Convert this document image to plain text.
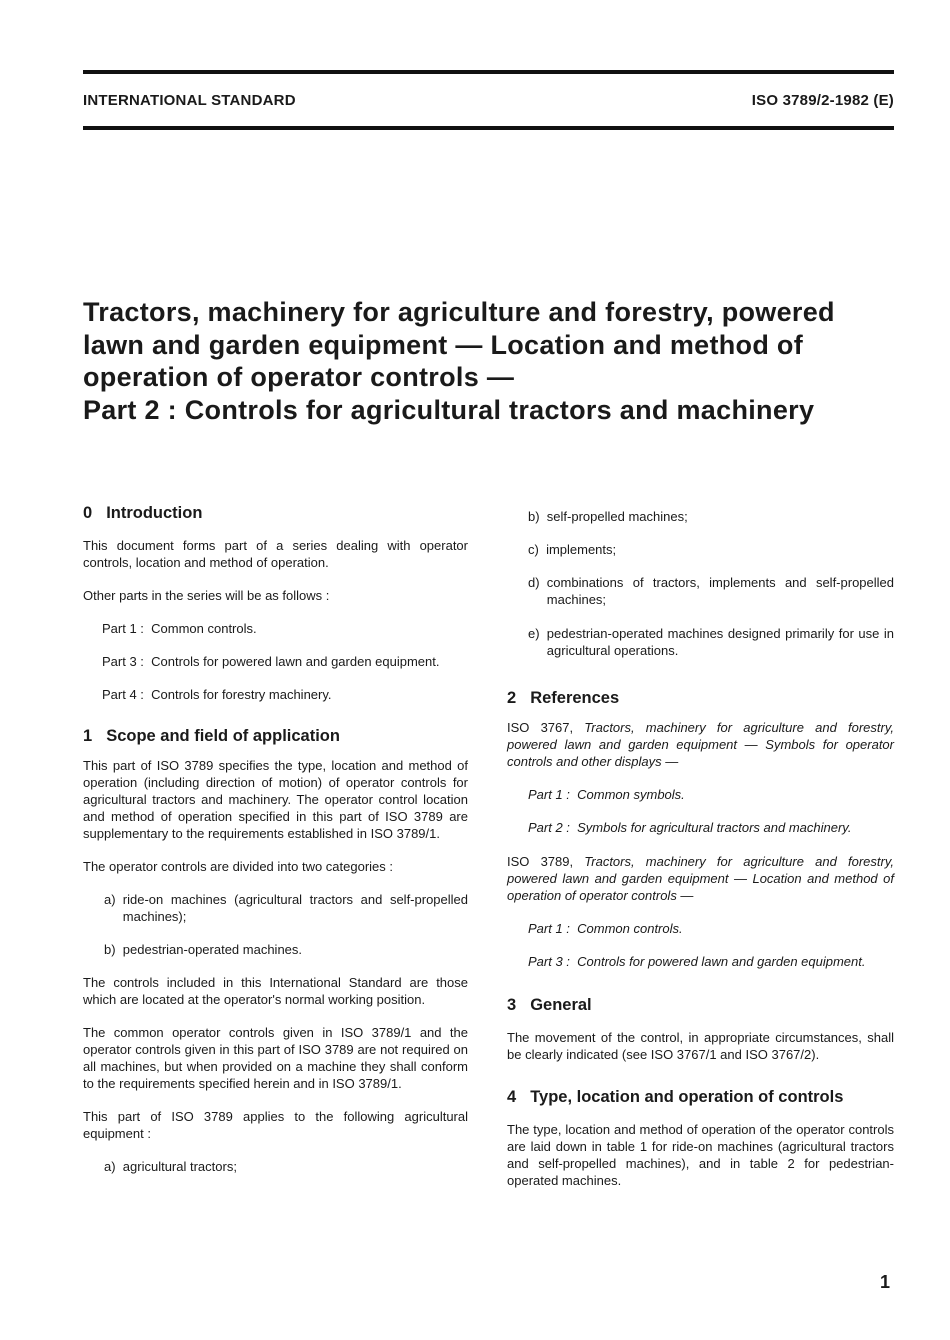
INTERNATIONAL STANDARD	ISO 3789/2-1982 (E)
Tractors, machinery for agriculture and forestry, powered
lawn and garden equipment — Location and method of
operation of operator controls —
Part 2 : Controls for agricultural tractors and machinery
0 Introduction

This document forms part of a series dealing with operator controls, location and method of operation.

Other parts in the series will be as follows :

Part 1 : Common controls.
Part 3 : Controls for powered lawn and garden equipment.
Part 4 : Controls for forestry machinery.
1 Scope and field of application

This part of ISO 3789 specifies the type, location and method of operation (including direction of motion) of operator controls for agricultural tractors and machinery. The operator control location and method of operation specified in this part of ISO 3789 are supplementary to the requirements established in ISO 3789/1.

The operator controls are divided into two categories :

a) ride-on machines (agricultural tractors and self-propelled machines);
b) pedestrian-operated machines.

The controls included in this International Standard are those which are located at the operator's normal working position.

The common operator controls given in ISO 3789/1 and the operator controls given in this part of ISO 3789 are not required on all machines, but when provided on a machine they shall conform to the requirements specified herein and in ISO 3789/1.

This part of ISO 3789 applies to the following agricultural equipment :

a) agricultural tractors;
b) self-propelled machines;
c) implements;
d) combinations of tractors, implements and self-propelled machines;
e) pedestrian-operated machines designed primarily for use in agricultural operations.
2 References

ISO 3767, Tractors, machinery for agriculture and forestry, powered lawn and garden equipment — Symbols for operator controls and other displays —

Part 1 : Common symbols.
Part 2 : Symbols for agricultural tractors and machinery.

ISO 3789, Tractors, machinery for agriculture and forestry, powered lawn and garden equipment — Location and method of operation of operator controls —

Part 1 : Common controls.
Part 3 : Controls for powered lawn and garden equipment.
3 General

The movement of the control, in appropriate circumstances, shall be clearly indicated (see ISO 3767/1 and ISO 3767/2).

4 Type, location and operation of controls

The type, location and method of operation of the operator controls are laid down in table 1 for ride-on machines (agricultural tractors and self-propelled machines), and in table 2 for pedestrian-operated machines.

1
